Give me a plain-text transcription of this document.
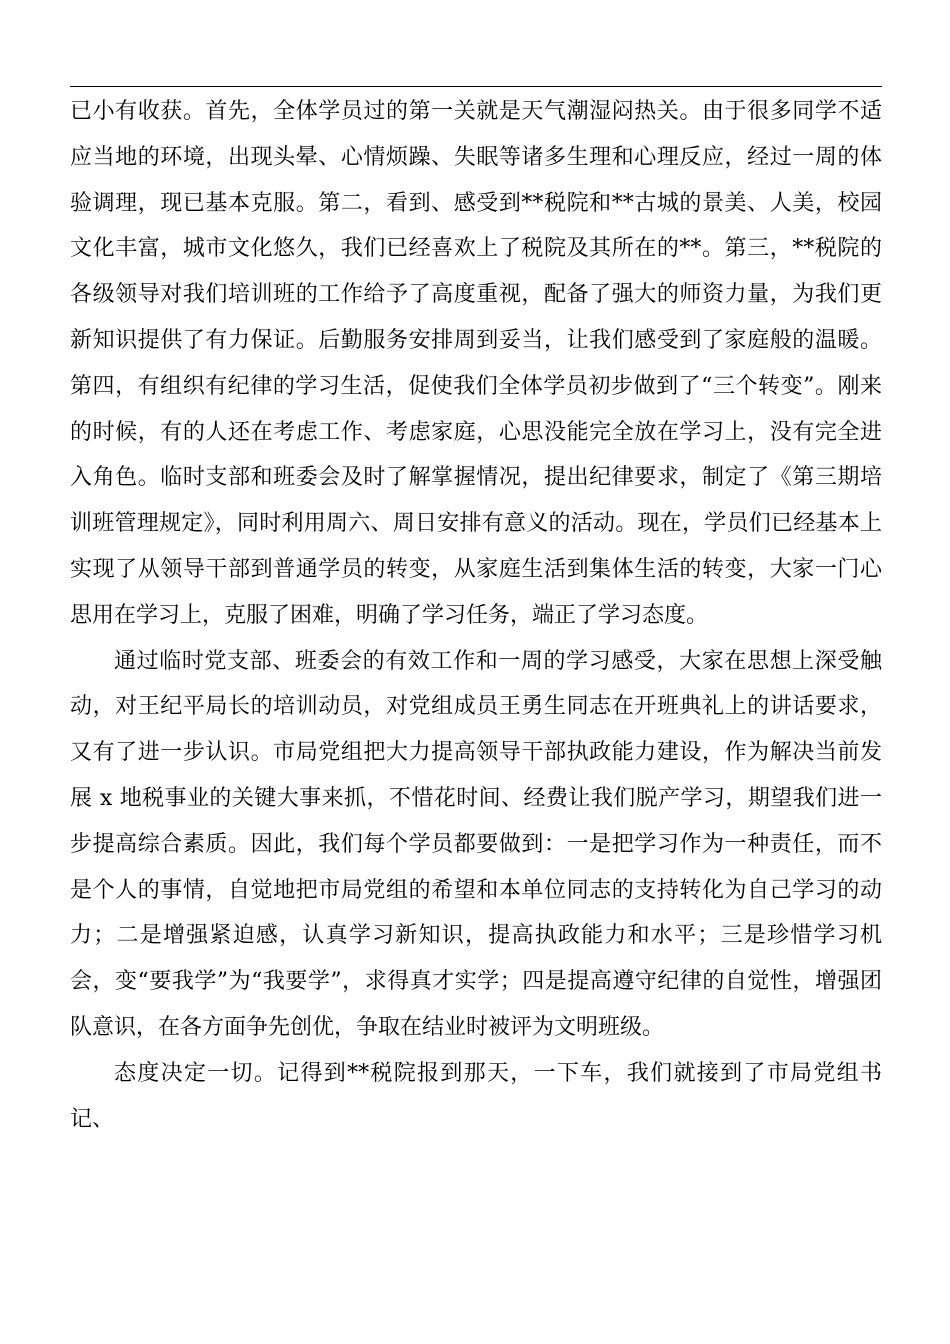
已小有收获。首先，全体学员过的第一关就是天气潮湿闷热关。由于很多同学不适应当地的环境，出现头晕、心情烦躁、失眠等诸多生理和心理反应，经过一周的体验调理，现已基本克服。第二，看到、感受到**税院和**古城的景美、人美，校园文化丰富，城市文化悠久，我们已经喜欢上了税院及其所在的**。第三，**税院的各级领导对我们培训班的工作给予了高度重视，配备了强大的师资力量，为我们更新知识提供了有力保证。后勤服务安排周到妥当，让我们感受到了家庭般的温暖。第四，有组织有纪律的学习生活，促使我们全体学员初步做到了“三个转变”。刚来的时候，有的人还在考虑工作、考虑家庭，心思没能完全放在学习上，没有完全进入角色。临时支部和班委会及时了解掌握情况，提出纪律要求，制定了《第三期培训班管理规定》，同时利用周六、周日安排有意义的活动。现在，学员们已经基本上实现了从领导干部到普通学员的转变，从家庭生活到集体生活的转变，大家一门心思用在学习上，克服了困难，明确了学习任务，端正了学习态度。

通过临时党支部、班委会的有效工作和一周的学习感受，大家在思想上深受触动，对王纪平局长的培训动员，对党组成员王勇生同志在开班典礼上的讲话要求，又有了进一步认识。市局党组把大力提高领导干部执政能力建设，作为解决当前发展 x 地税事业的关键大事来抓，不惜花时间、经费让我们脱产学习，期望我们进一步提高综合素质。因此，我们每个学员都要做到：一是把学习作为一种责任，而不是个人的事情，自觉地把市局党组的希望和本单位同志的支持转化为自己学习的动力；二是增强紧迫感，认真学习新知识，提高执政能力和水平；三是珍惜学习机会，变“要我学”为“我要学”，求得真才实学；四是提高遵守纪律的自觉性，增强团队意识，在各方面争先创优，争取在结业时被评为文明班级。

态度决定一切。记得到**税院报到那天，一下车，我们就接到了市局党组书记、
